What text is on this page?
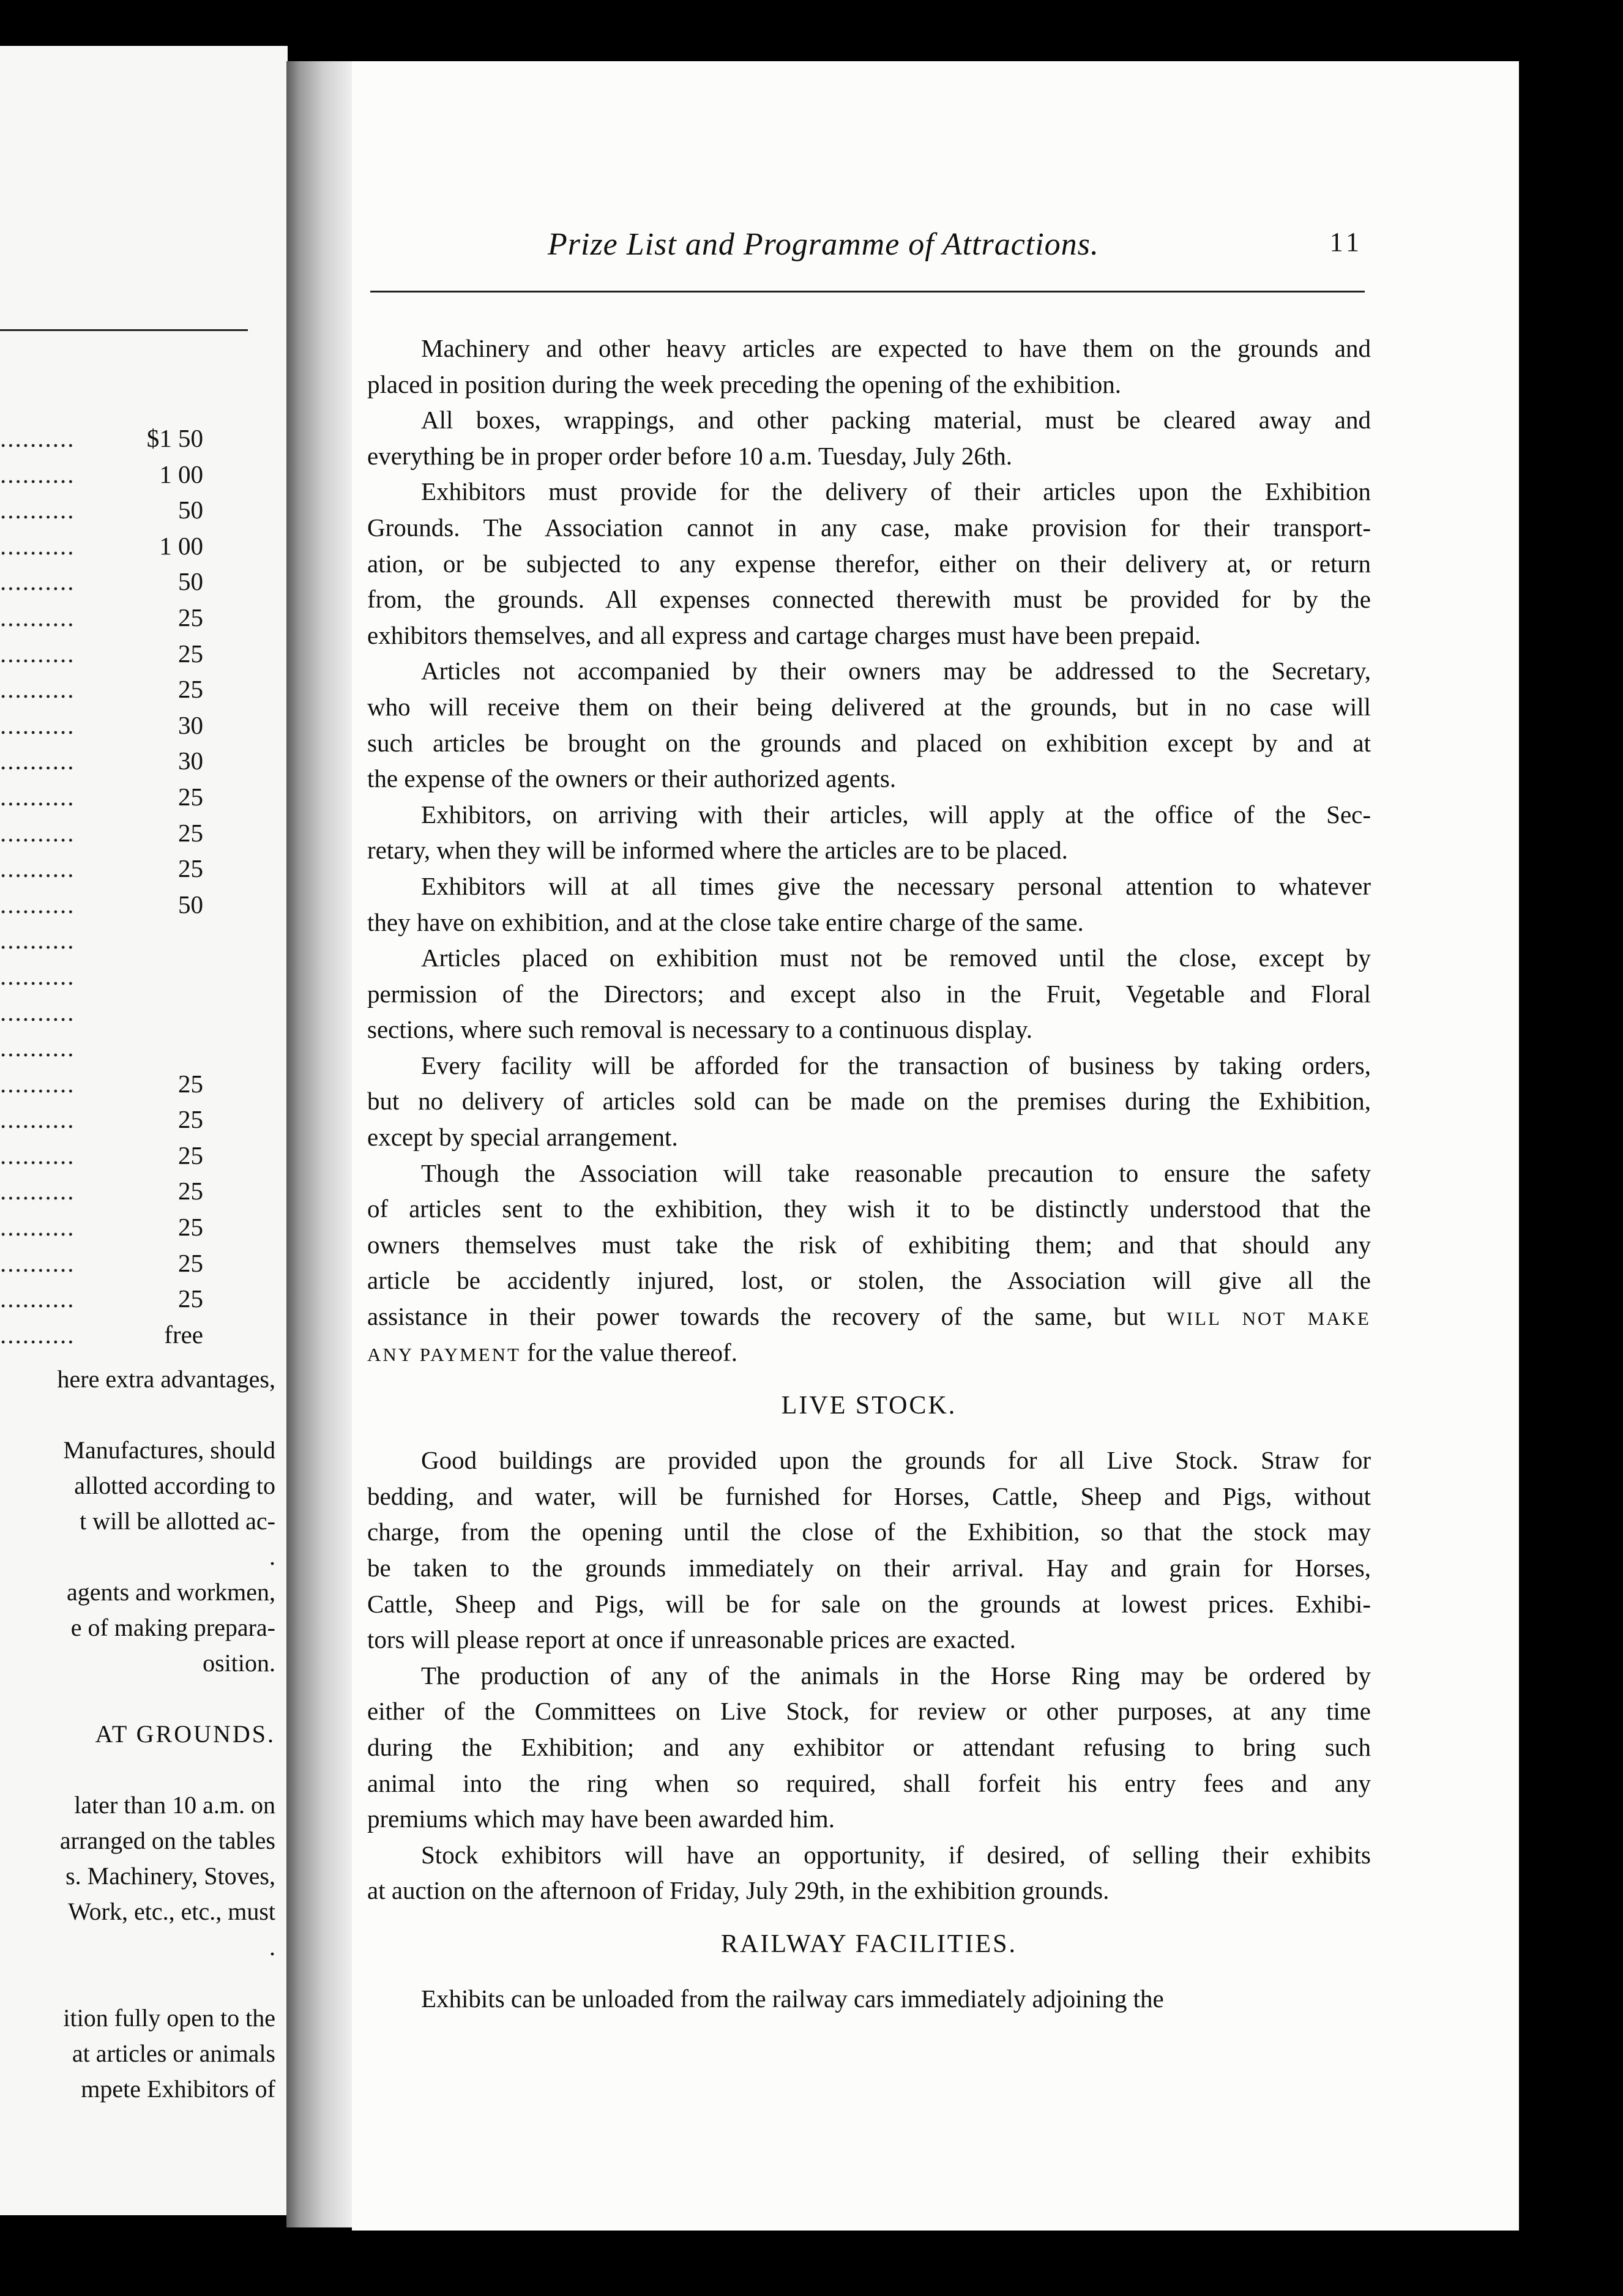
..........	$1 50
..........	1 00
..........	50
..........	1 00
..........	50
..........	25
..........	25
..........	25
..........	30
..........	30
..........	25
..........	25
..........	25
..........	50
..........
..........
..........
..........
..........	25
..........	25
..........	25
..........	25
..........	25
..........	25
..........	25
..........	free
here extra advantages,
Manufactures, should
allotted according to
t will be allotted ac-
.
agents and workmen,
e of making prepara-
osition.
AT GROUNDS.
later than 10 a.m. on
arranged on the tables
s. Machinery, Stoves,
Work, etc., etc., must
.
ition fully open to the
at articles or animals
mpete Exhibitors of
Prize List and Programme of Attractions.	11
Machinery and other heavy articles are expected to have them on the grounds and
placed in position during the week preceding the opening of the exhibition.
All boxes, wrappings, and other packing material, must be cleared away and
everything be in proper order before 10 a.m. Tuesday, July 26th.
Exhibitors must provide for the delivery of their articles upon the Exhibition
Grounds. The Association cannot in any case, make provision for their transport-
ation, or be subjected to any expense therefor, either on their delivery at, or return
from, the grounds. All expenses connected therewith must be provided for by the
exhibitors themselves, and all express and cartage charges must have been prepaid.
Articles not accompanied by their owners may be addressed to the Secretary,
who will receive them on their being delivered at the grounds, but in no case will
such articles be brought on the grounds and placed on exhibition except by and at
the expense of the owners or their authorized agents.
Exhibitors, on arriving with their articles, will apply at the office of the Sec-
retary, when they will be informed where the articles are to be placed.
Exhibitors will at all times give the necessary personal attention to whatever
they have on exhibition, and at the close take entire charge of the same.
Articles placed on exhibition must not be removed until the close, except by
permission of the Directors; and except also in the Fruit, Vegetable and Floral
sections, where such removal is necessary to a continuous display.
Every facility will be afforded for the transaction of business by taking orders,
but no delivery of articles sold can be made on the premises during the Exhibition,
except by special arrangement.
Though the Association will take reasonable precaution to ensure the safety
of articles sent to the exhibition, they wish it to be distinctly understood that the
owners themselves must take the risk of exhibiting them; and that should any
article be accidently injured, lost, or stolen, the Association will give all the
assistance in their power towards the recovery of the same, but WILL NOT MAKE
ANY PAYMENT for the value thereof.
LIVE STOCK.
Good buildings are provided upon the grounds for all Live Stock. Straw for
bedding, and water, will be furnished for Horses, Cattle, Sheep and Pigs, without
charge, from the opening until the close of the Exhibition, so that the stock may
be taken to the grounds immediately on their arrival. Hay and grain for Horses,
Cattle, Sheep and Pigs, will be for sale on the grounds at lowest prices. Exhibi-
tors will please report at once if unreasonable prices are exacted.
The production of any of the animals in the Horse Ring may be ordered by
either of the Committees on Live Stock, for review or other purposes, at any time
during the Exhibition; and any exhibitor or attendant refusing to bring such
animal into the ring when so required, shall forfeit his entry fees and any
premiums which may have been awarded him.
Stock exhibitors will have an opportunity, if desired, of selling their exhibits
at auction on the afternoon of Friday, July 29th, in the exhibition grounds.
RAILWAY FACILITIES.
Exhibits can be unloaded from the railway cars immediately adjoining the
